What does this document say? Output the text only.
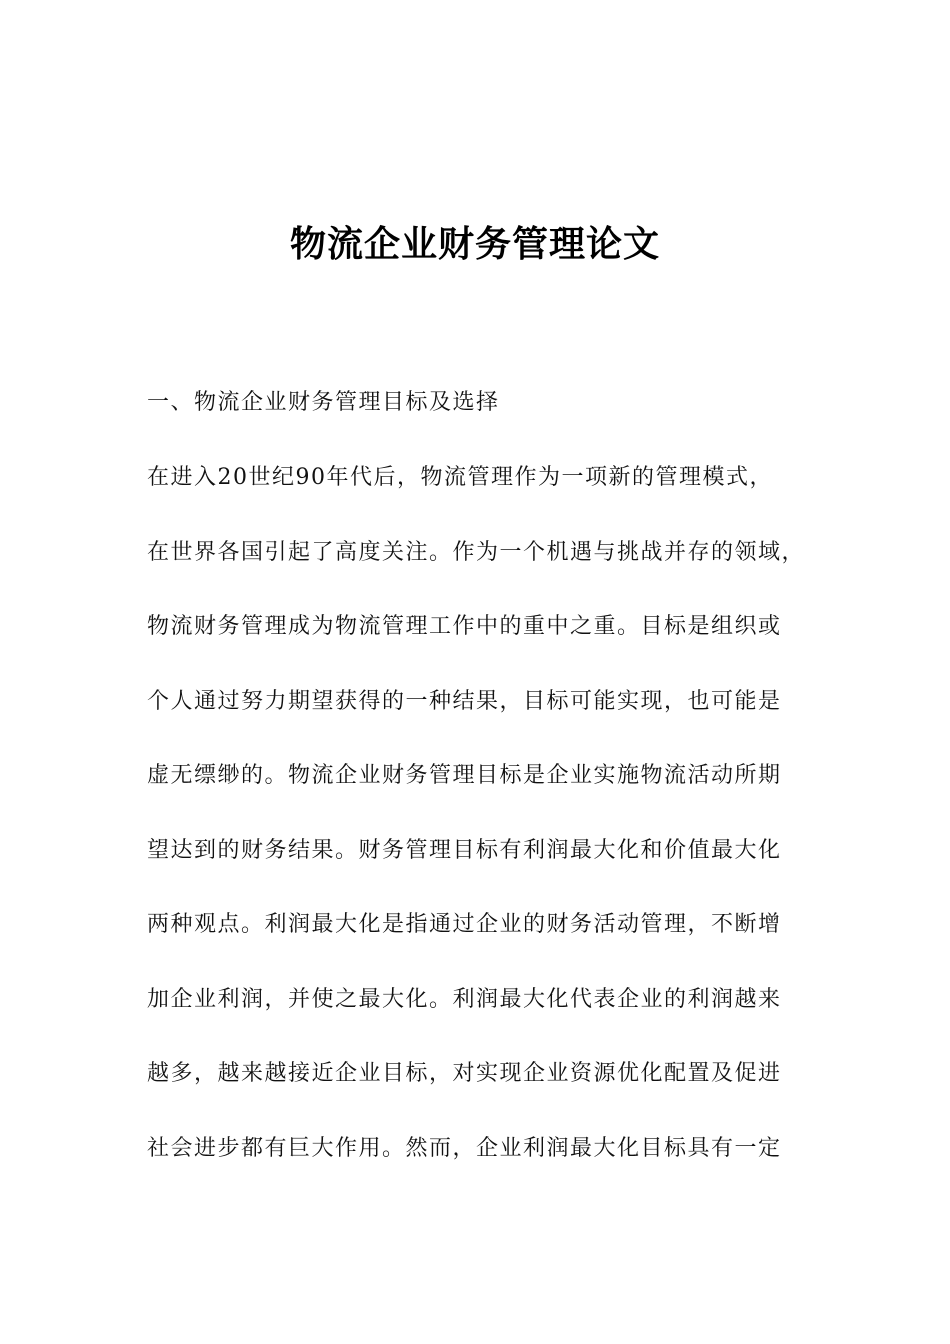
物流企业财务管理论文
一、物流企业财务管理目标及选择
在进入20世纪90年代后，物流管理作为一项新的管理模式，
在世界各国引起了高度关注。作为一个机遇与挑战并存的领域，
物流财务管理成为物流管理工作中的重中之重。目标是组织或
个人通过努力期望获得的一种结果，目标可能实现，也可能是
虚无缥缈的。物流企业财务管理目标是企业实施物流活动所期
望达到的财务结果。财务管理目标有利润最大化和价值最大化
两种观点。利润最大化是指通过企业的财务活动管理，不断增
加企业利润，并使之最大化。利润最大化代表企业的利润越来
越多，越来越接近企业目标，对实现企业资源优化配置及促进
社会进步都有巨大作用。然而，企业利润最大化目标具有一定
